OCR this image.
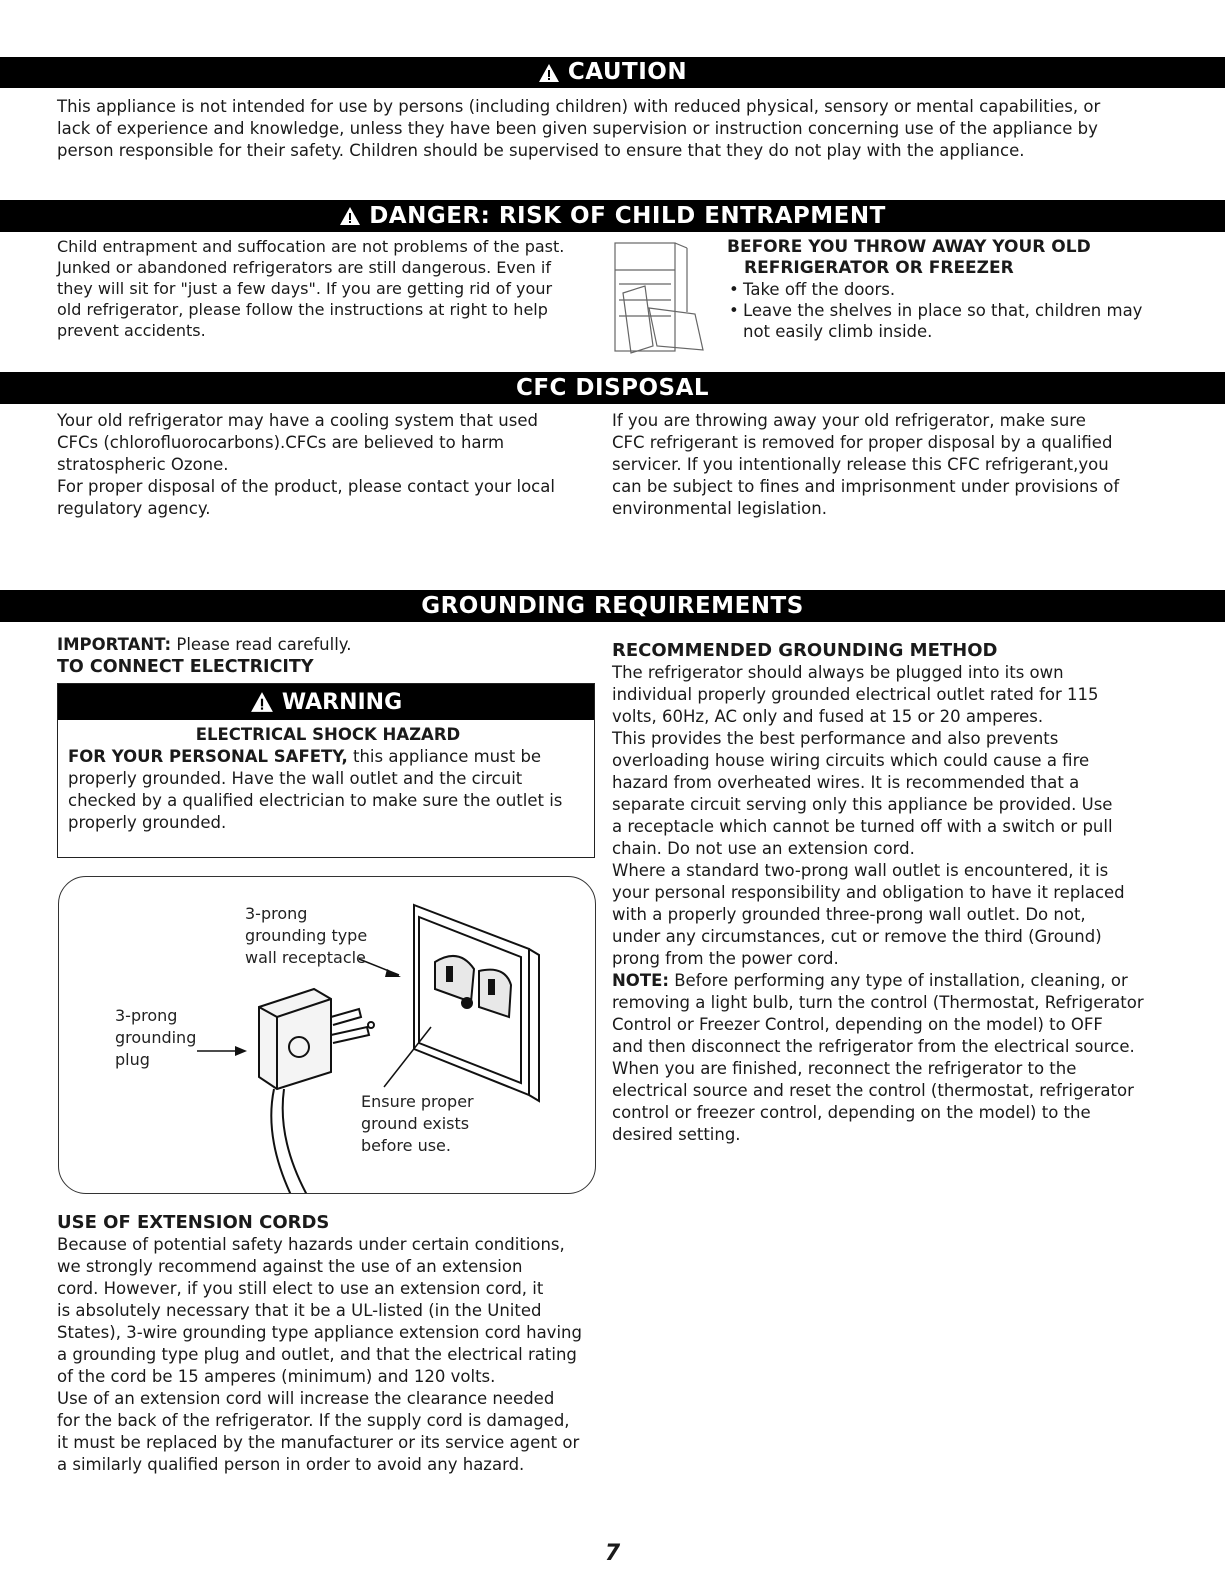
CAUTION

This appliance is not intended for use by persons (including children) with reduced physical, sensory or mental capabilities, or

lack of experience and knowledge, unless they have been given supervision or instruction concerning use of the appliance by

person responsible for their safety. Children should be supervised to ensure that they do not play with the appliance.

DANGER: RISK OF CHILD ENTRAPMENT

Child entrapment and suffocation are not problems of the past.

Junked or abandoned refrigerators are still dangerous. Even if

they will sit for "just a few days". If you are getting rid of your

old refrigerator, please follow the instructions at right to help

prevent accidents.

BEFORE YOU THROW AWAY YOUR OLD

REFRIGERATOR OR FREEZER

• Take off the doors.

• Leave the shelves in place so that, children may

not easily climb inside.

CFC DISPOSAL

Your old refrigerator may have a cooling system that used

CFCs (chlorofluorocarbons).CFCs are believed to harm

stratospheric Ozone.

For proper disposal of the product, please contact your local

regulatory agency.

If you are throwing away your old refrigerator, make sure

CFC refrigerant is removed for proper disposal by a qualified

servicer. If you intentionally release this CFC refrigerant,you

can be subject to fines and imprisonment under provisions of

environmental legislation.

GROUNDING REQUIREMENTS

IMPORTANT: Please read carefully.

TO CONNECT ELECTRICITY

WARNING

ELECTRICAL SHOCK HAZARD

FOR YOUR PERSONAL SAFETY, this appliance must be

properly grounded. Have the wall outlet and the circuit

checked by a qualified electrician to make sure the outlet is

properly grounded.

3-prong
grounding type
wall receptacle
3-prong
grounding
plug
Ensure proper
ground exists
before use.

USE OF EXTENSION CORDS

Because of potential safety hazards under certain conditions,

we strongly recommend against the use of an extension

cord. However, if you still elect to use an extension cord, it

is absolutely necessary that it be a UL-listed (in the United

States), 3-wire grounding type appliance extension cord having

a grounding type plug and outlet, and that the electrical rating

of the cord be 15 amperes (minimum) and 120 volts.

Use of an extension cord will increase the clearance needed

for the back of the refrigerator. If the supply cord is damaged,

it must be replaced by the manufacturer or its service agent or

a similarly qualified person in order to avoid any hazard.

RECOMMENDED GROUNDING METHOD

The refrigerator should always be plugged into its own

individual properly grounded electrical outlet rated for 115

volts, 60Hz, AC only and fused at 15 or 20 amperes.

This provides the best performance and also prevents

overloading house wiring circuits which could cause a fire

hazard from overheated wires. It is recommended that a

separate circuit serving only this appliance be provided. Use

a receptacle which cannot be turned off with a switch or pull

chain. Do not use an extension cord.

Where a standard two-prong wall outlet is encountered, it is

your personal responsibility and obligation to have it replaced

with a properly grounded three-prong wall outlet. Do not,

under any circumstances, cut or remove the third (Ground)

prong from the power cord.

NOTE: Before performing any type of installation, cleaning, or

removing a light bulb, turn the control (Thermostat, Refrigerator

Control or Freezer Control, depending on the model) to OFF

and then disconnect the refrigerator from the electrical source.

When you are finished, reconnect the refrigerator to the

electrical source and reset the control (thermostat, refrigerator

control or freezer control, depending on the model) to the

desired setting.

7
